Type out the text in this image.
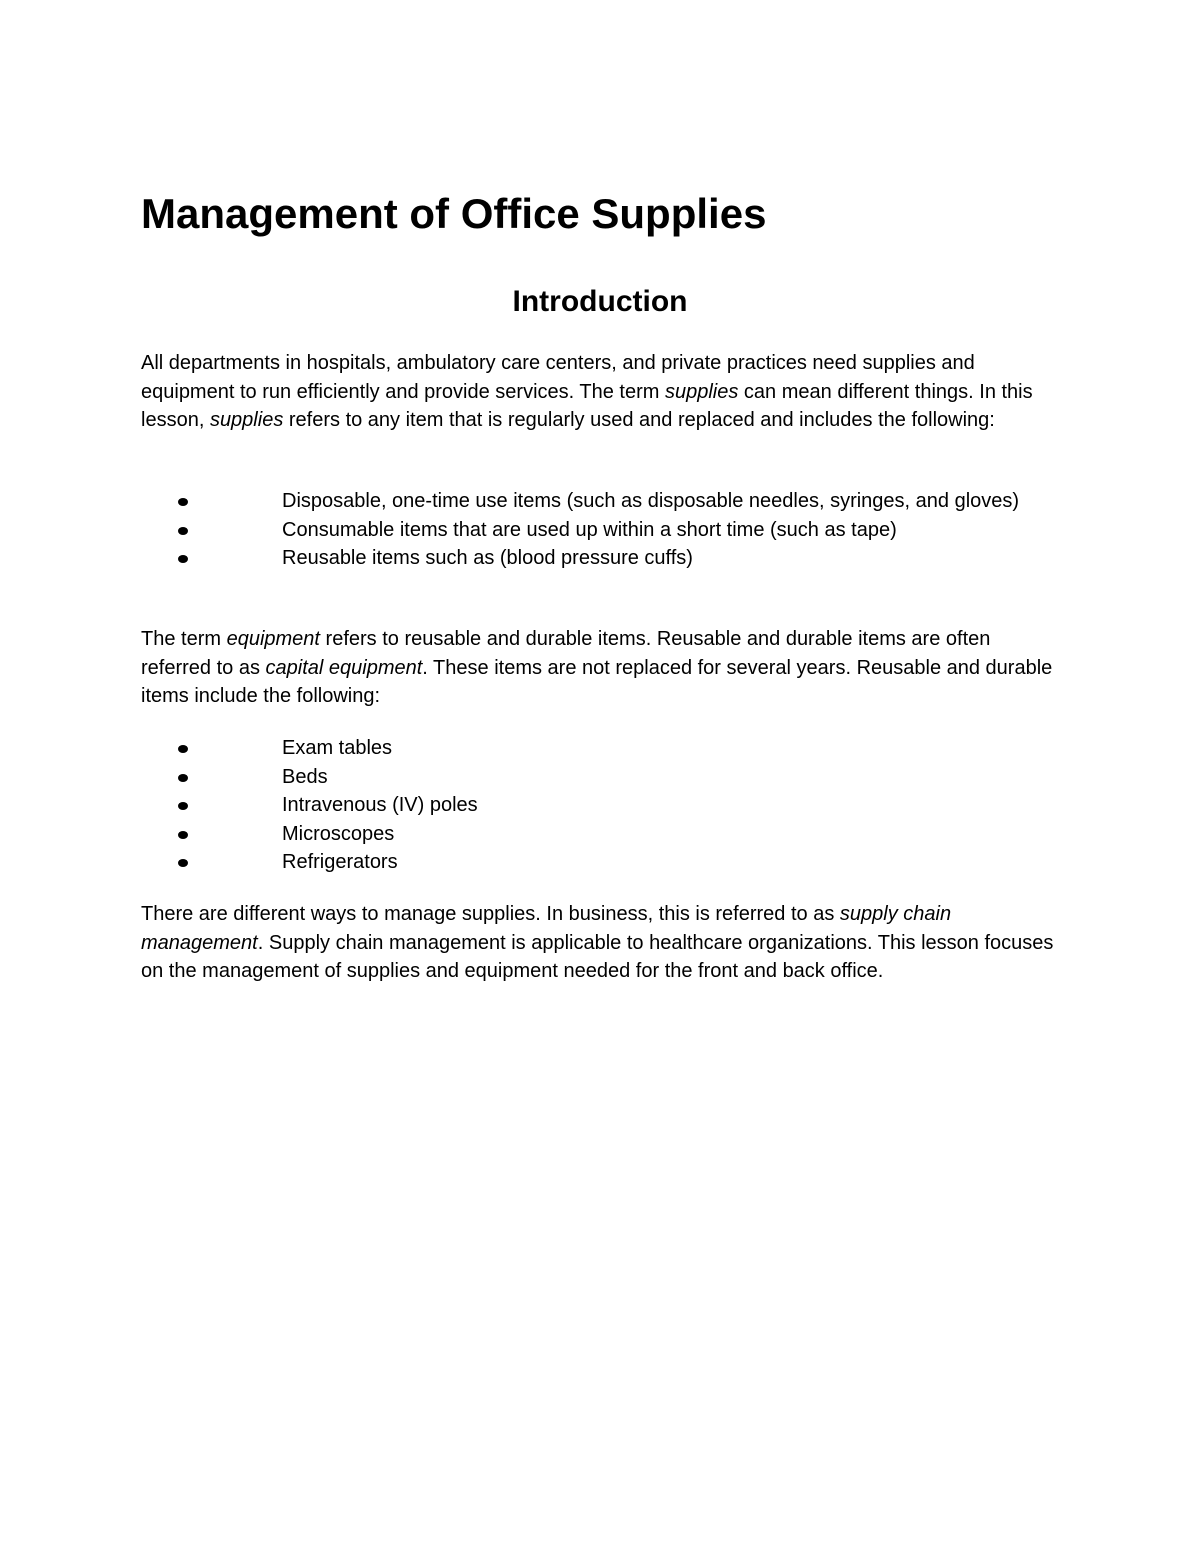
Management of Office Supplies
Introduction

All departments in hospitals, ambulatory care centers, and private practices need supplies and equipment to run efficiently and provide services. The term supplies can mean different things. In this lesson, supplies refers to any item that is regularly used and replaced and includes the following:

Disposable, one-time use items (such as disposable needles, syringes, and gloves)
Consumable items that are used up within a short time (such as tape)
Reusable items such as (blood pressure cuffs)

The term equipment refers to reusable and durable items. Reusable and durable items are often referred to as capital equipment. These items are not replaced for several years. Reusable and durable items include the following:

Exam tables
Beds
Intravenous (IV) poles
Microscopes
Refrigerators

There are different ways to manage supplies. In business, this is referred to as supply chain management. Supply chain management is applicable to healthcare organizations. This lesson focuses on the management of supplies and equipment needed for the front and back office.
